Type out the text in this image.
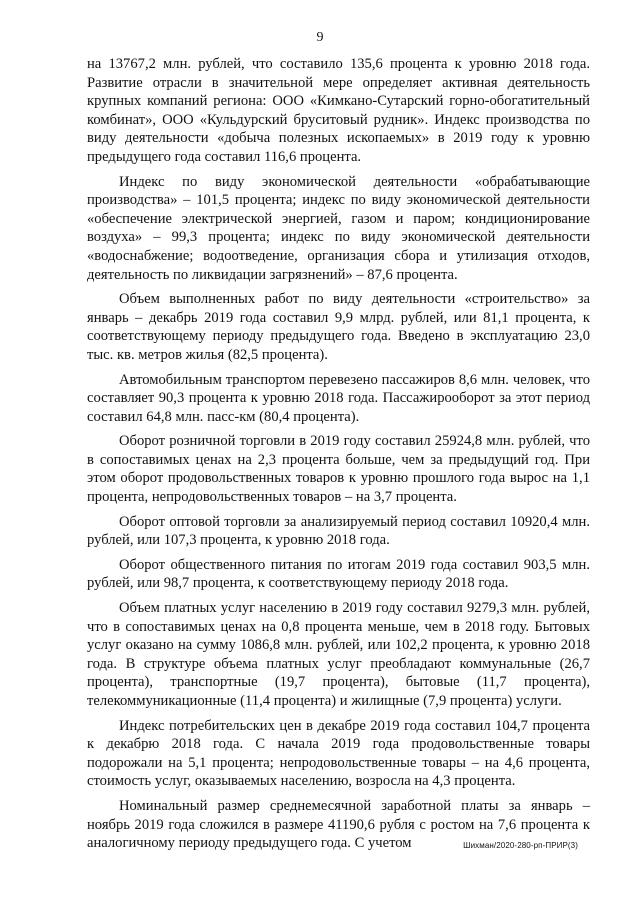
9

на 13767,2 млн. рублей, что составило 135,6 процента к уровню 2018 года. Развитие отрасли в значительной мере определяет активная деятельность крупных компаний региона: ООО «Кимкано-Сутарский горно-обогатительный комбинат», ООО «Кульдурский бруситовый рудник». Индекс производства по виду деятельности «добыча полезных ископаемых» в 2019 году к уровню предыдущего года составил 116,6 процента.

Индекс по виду экономической деятельности «обрабатывающие производства» – 101,5 процента; индекс по виду экономической деятельности «обеспечение электрической энергией, газом и паром; кондиционирование воздуха» – 99,3 процента; индекс по виду экономической деятельности «водоснабжение; водоотведение, организация сбора и утилизация отходов, деятельность по ликвидации загрязнений» – 87,6 процента.

Объем выполненных работ по виду деятельности «строительство» за январь – декабрь 2019 года составил 9,9 млрд. рублей, или 81,1 процента, к соответствующему периоду предыдущего года. Введено в эксплуатацию 23,0 тыс. кв. метров жилья (82,5 процента).

Автомобильным транспортом перевезено пассажиров 8,6 млн. человек, что составляет 90,3 процента к уровню 2018 года. Пассажирооборот за этот период составил 64,8 млн. пасс-км (80,4 процента).

Оборот розничной торговли в 2019 году составил 25924,8 млн. рублей, что в сопоставимых ценах на 2,3 процента больше, чем за предыдущий год. При этом оборот продовольственных товаров к уровню прошлого года вырос на 1,1 процента, непродовольственных товаров – на 3,7 процента.

Оборот оптовой торговли за анализируемый период составил 10920,4 млн. рублей, или 107,3 процента, к уровню 2018 года.

Оборот общественного питания по итогам 2019 года составил 903,5 млн. рублей, или 98,7 процента, к соответствующему периоду 2018 года.

Объем платных услуг населению в 2019 году составил 9279,3 млн. рублей, что в сопоставимых ценах на 0,8 процента меньше, чем в 2018 году. Бытовых услуг оказано на сумму 1086,8 млн. рублей, или 102,2 процента, к уровню 2018 года. В структуре объема платных услуг преобладают коммунальные (26,7 процента), транспортные (19,7 процента), бытовые (11,7 процента), телекоммуникационные (11,4 процента) и жилищные (7,9 процента) услуги.

Индекс потребительских цен в декабре 2019 года составил 104,7 процента к декабрю 2018 года. С начала 2019 года продовольственные товары подорожали на 5,1 процента; непродовольственные товары – на 4,6 процента, стоимость услуг, оказываемых населению, возросла на 4,3 процента.

Номинальный размер среднемесячной заработной платы за январь – ноябрь 2019 года сложился в размере 41190,6 рубля с ростом на 7,6 процента к аналогичному периоду предыдущего года. С учетом	Шихман/2020-280-рп-ПРИР(3)
